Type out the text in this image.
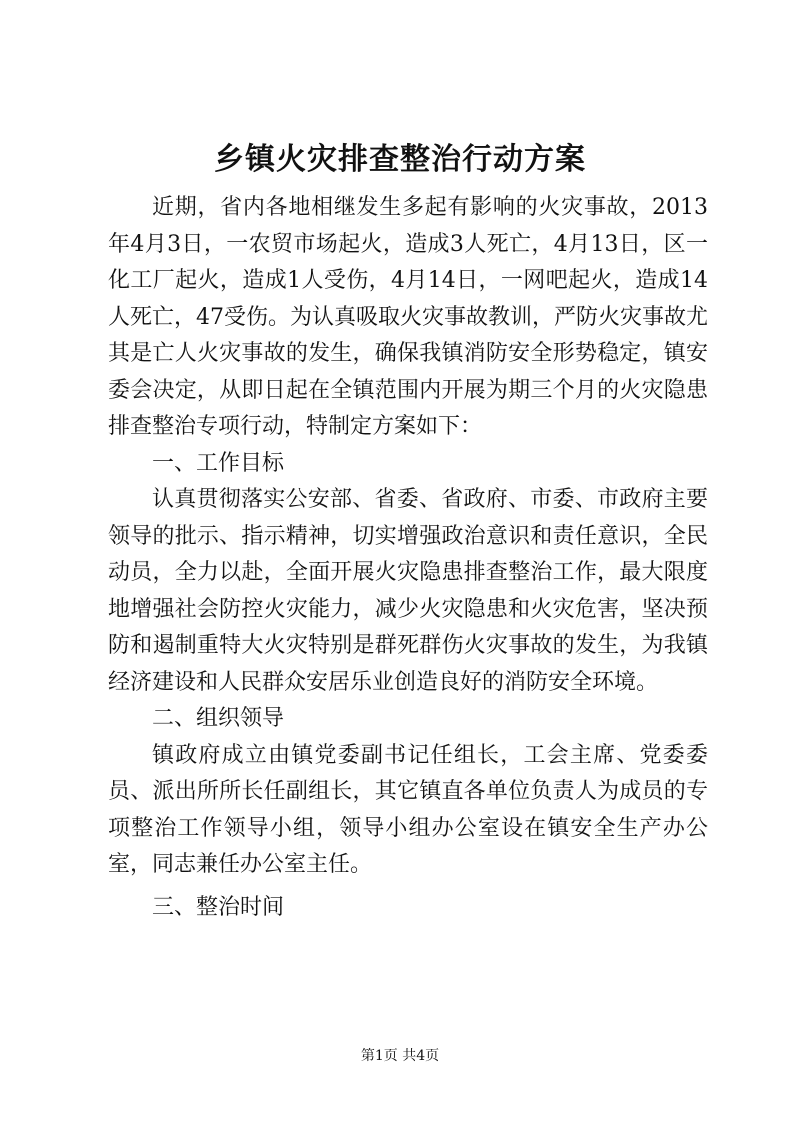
乡镇火灾排查整治行动方案

近期，省内各地相继发生多起有影响的火灾事故，2013年4月3日，一农贸市场起火，造成3人死亡，4月13日，区一化工厂起火，造成1人受伤，4月14日，一网吧起火，造成14人死亡，47受伤。为认真吸取火灾事故教训，严防火灾事故尤其是亡人火灾事故的发生，确保我镇消防安全形势稳定，镇安委会决定，从即日起在全镇范围内开展为期三个月的火灾隐患排查整治专项行动，特制定方案如下：

一、工作目标

认真贯彻落实公安部、省委、省政府、市委、市政府主要领导的批示、指示精神，切实增强政治意识和责任意识，全民动员，全力以赴，全面开展火灾隐患排查整治工作，最大限度地增强社会防控火灾能力，减少火灾隐患和火灾危害，坚决预防和遏制重特大火灾特别是群死群伤火灾事故的发生，为我镇经济建设和人民群众安居乐业创造良好的消防安全环境。

二、组织领导

镇政府成立由镇党委副书记任组长，工会主席、党委委员、派出所所长任副组长，其它镇直各单位负责人为成员的专项整治工作领导小组，领导小组办公室设在镇安全生产办公室，同志兼任办公室主任。

三、整治时间

第1页 共4页
